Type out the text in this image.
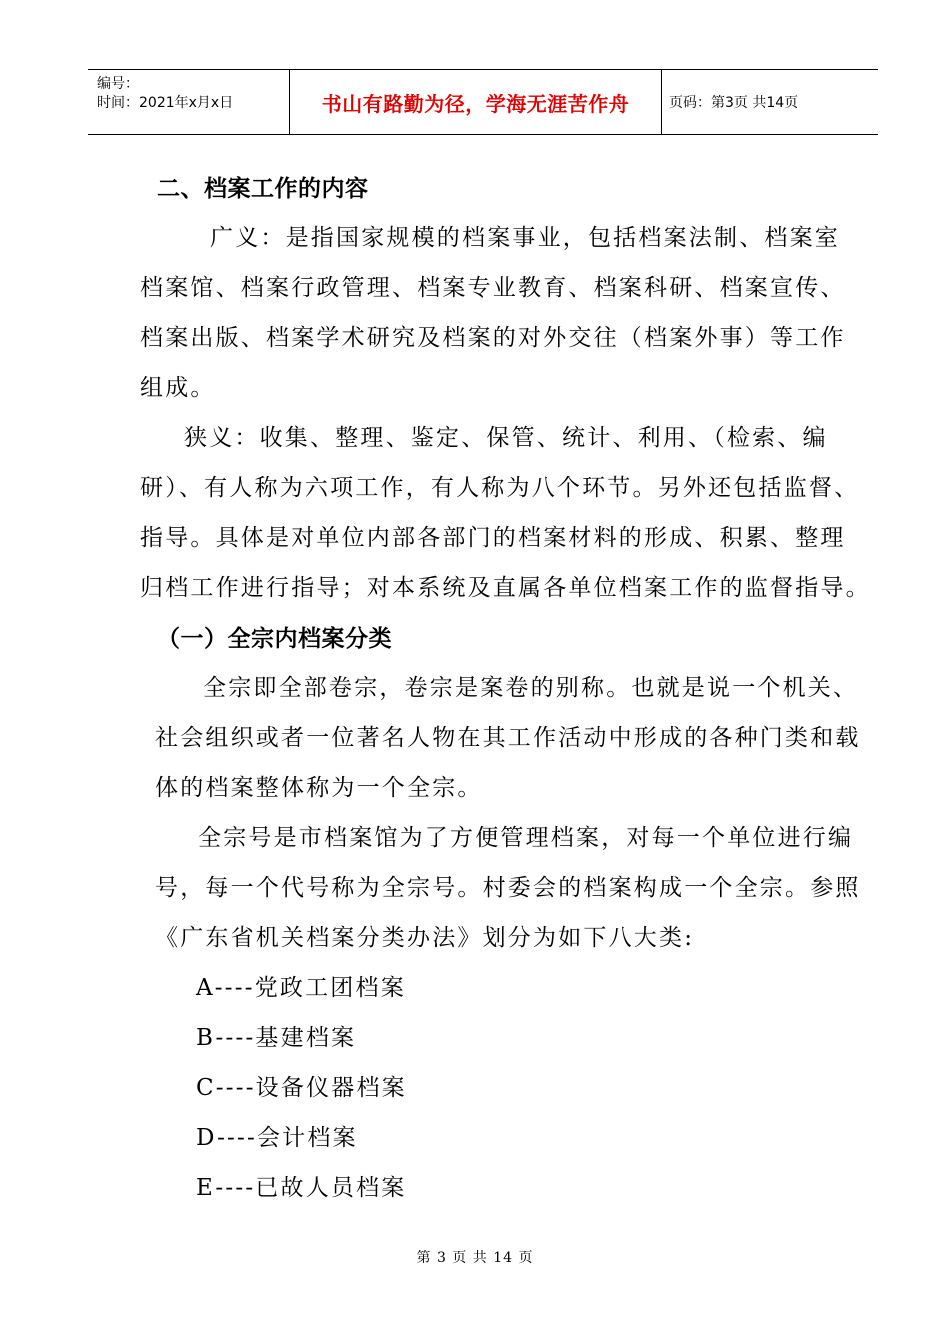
编号：
时间：2021年x月x日	书山有路勤为径，学海无涯苦作舟	页码：第3页 共14页
二、档案工作的内容
广义：是指国家规模的档案事业，包括档案法制、档案室
档案馆、档案行政管理、档案专业教育、档案科研、档案宣传、
档案出版、档案学术研究及档案的对外交往（档案外事）等工作
组成。
狭义：收集、整理、鉴定、保管、统计、利用、（检索、编
研）、有人称为六项工作，有人称为八个环节。另外还包括监督、
指导。具体是对单位内部各部门的档案材料的形成、积累、整理
归档工作进行指导；对本系统及直属各单位档案工作的监督指导。
（一）全宗内档案分类
全宗即全部卷宗，卷宗是案卷的别称。也就是说一个机关、
社会组织或者一位著名人物在其工作活动中形成的各种门类和载
体的档案整体称为一个全宗。
全宗号是市档案馆为了方便管理档案，对每一个单位进行编
号，每一个代号称为全宗号。村委会的档案构成一个全宗。参照
《广东省机关档案分类办法》划分为如下八大类:
A----党政工团档案
B----基建档案
C----设备仪器档案
D----会计档案
E----已故人员档案
第 3 页 共 14 页
